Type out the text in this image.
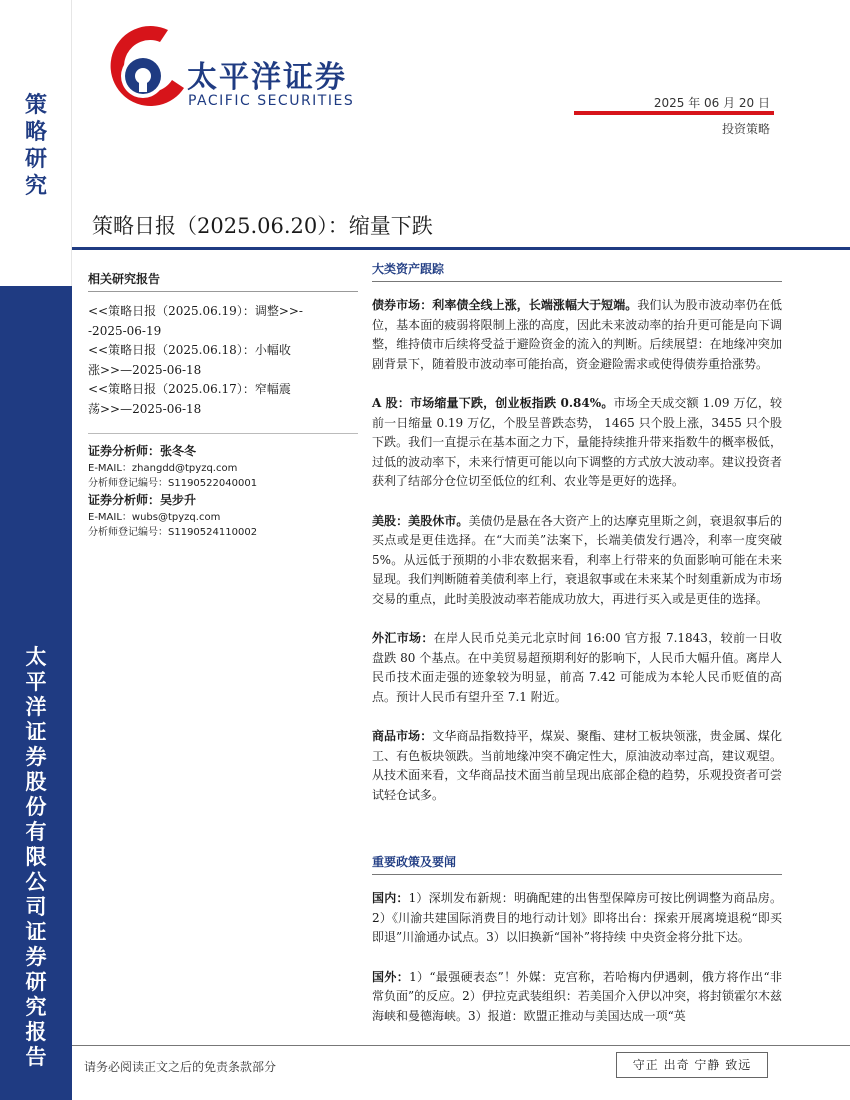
策略研究
太平洋证券股份有限公司证券研究报告
太平洋证券
PACIFIC SECURITIES	2025 年 06 月 20 日
投资策略
策略日报（2025.06.20）：缩量下跌
相关研究报告
<<策略日报（2025.06.19）：调整>>-
-2025-06-19
<<策略日报（2025.06.18）：小幅收
涨>>—2025-06-18
<<策略日报（2025.06.17）：窄幅震
荡>>—2025-06-18
证券分析师：张冬冬
E-MAIL：zhangdd@tpyzq.com
分析师登记编号：S1190522040001
证券分析师：吴步升
E-MAIL：wubs@tpyzq.com
分析师登记编号：S1190524110002
大类资产跟踪

债券市场：利率债全线上涨，长端涨幅大于短端。我们认为股市波动率仍在低位，基本面的疲弱将限制上涨的高度，因此未来波动率的抬升更可能是向下调整，维持债市后续将受益于避险资金的流入的判断。后续展望：在地缘冲突加剧背景下，随着股市波动率可能抬高，资金避险需求或使得债券重拾涨势。

A 股：市场缩量下跌，创业板指跌 0.84%。市场全天成交额 1.09 万亿，较前一日缩量 0.19 万亿，个股呈普跌态势， 1465 只个股上涨，3455 只个股下跌。我们一直提示在基本面之力下，量能持续推升带来指数牛的概率极低，过低的波动率下，未来行情更可能以向下调整的方式放大波动率。建议投资者获利了结部分仓位切至低位的红利、农业等是更好的选择。

美股：美股休市。美债仍是悬在各大资产上的达摩克里斯之剑，衰退叙事后的买点或是更佳选择。在“大而美”法案下，长端美债发行遇冷，利率一度突破 5%。从远低于预期的小非农数据来看，利率上行带来的负面影响可能在未来显现。我们判断随着美债利率上行，衰退叙事或在未来某个时刻重新成为市场交易的重点，此时美股波动率若能成功放大，再进行买入或是更佳的选择。

外汇市场：在岸人民币兑美元北京时间 16:00 官方报 7.1843，较前一日收盘跌 80 个基点。在中美贸易超预期利好的影响下，人民币大幅升值。离岸人民币技术面走强的迹象较为明显，前高 7.42 可能成为本轮人民币贬值的高点。预计人民币有望升至 7.1 附近。

商品市场：文华商品指数持平，煤炭、聚酯、建材工板块领涨，贵金属、煤化工、有色板块领跌。当前地缘冲突不确定性大，原油波动率过高，建议观望。从技术面来看，文华商品技术面当前呈现出底部企稳的趋势，乐观投资者可尝试轻仓试多。

重要政策及要闻

国内：1）深圳发布新规：明确配建的出售型保障房可按比例调整为商品房。2）《川渝共建国际消费目的地行动计划》即将出台：探索开展离境退税“即买即退”川渝通办试点。3）以旧换新“国补”将持续 中央资金将分批下达。

国外：1）“最强硬表态”！外媒：克宫称，若哈梅内伊遇刺，俄方将作出“非常负面”的反应。2）伊拉克武装组织：若美国介入伊以冲突，将封锁霍尔木兹海峡和曼德海峡。3）报道：欧盟正推动与美国达成一项“英

请务必阅读正文之后的免责条款部分	守正 出奇 宁静 致远
